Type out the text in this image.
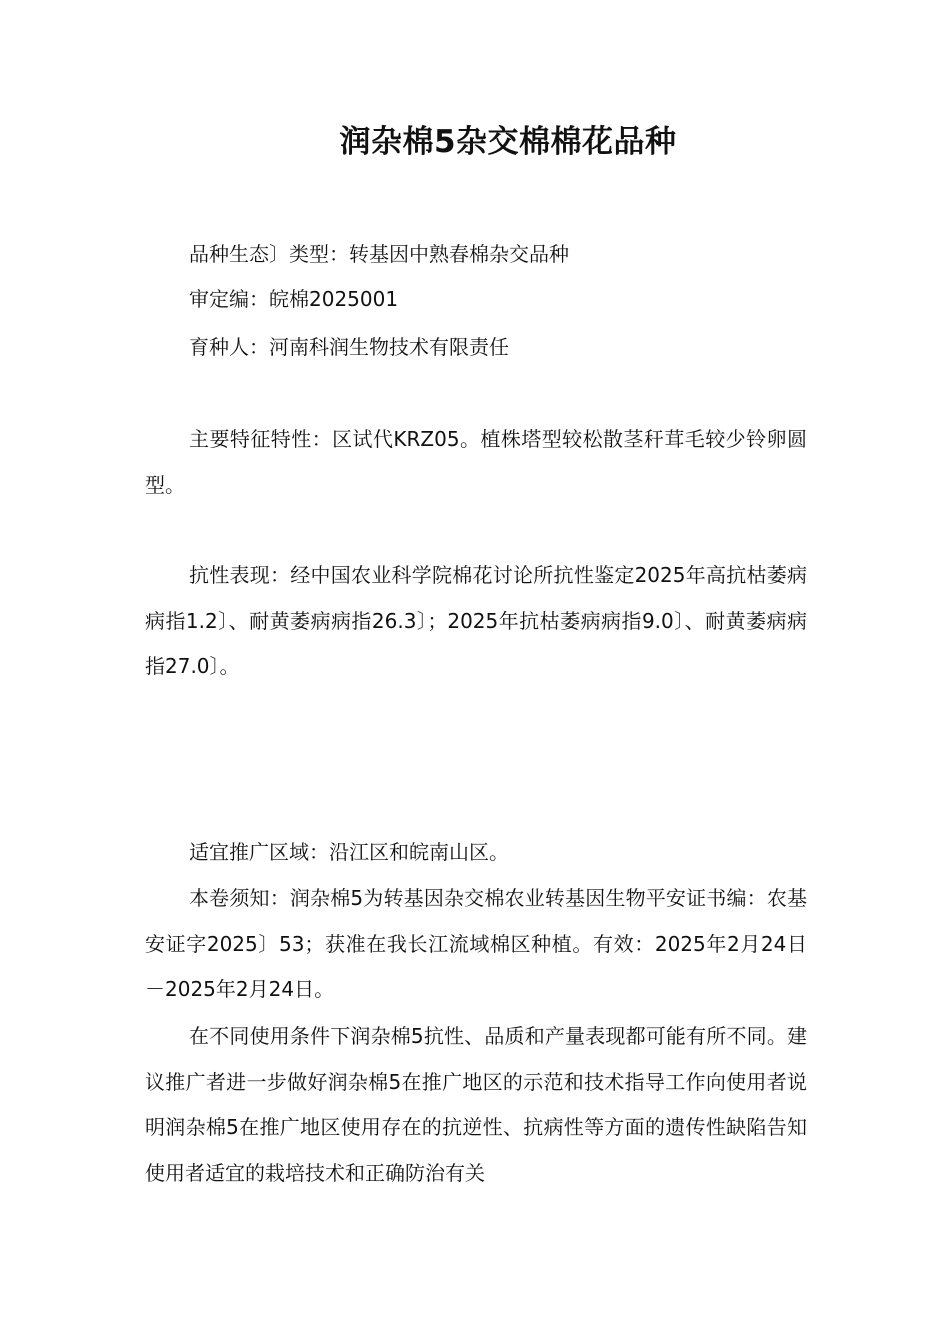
润杂棉5杂交棉棉花品种

品种生态〕类型：转基因中熟春棉杂交品种

审定编：皖棉2025001

育种人：河南科润生物技术有限责任

主要特征特性：区试代KRZ05。植株塔型较松散茎秆茸毛较少铃卵圆型。

抗性表现：经中国农业科学院棉花讨论所抗性鉴定2025年高抗枯萎病病指1.2〕、耐黄萎病病指26.3〕；2025年抗枯萎病病指9.0〕、耐黄萎病病指27.0〕。

适宜推广区域：沿江区和皖南山区。

本卷须知：润杂棉5为转基因杂交棉农业转基因生物平安证书编：农基安证字2025〕53；获准在我长江流域棉区种植。有效：2025年2月24日－2025年2月24日。

在不同使用条件下润杂棉5抗性、品质和产量表现都可能有所不同。建议推广者进一步做好润杂棉5在推广地区的示范和技术指导工作向使用者说明润杂棉5在推广地区使用存在的抗逆性、抗病性等方面的遗传性缺陷告知使用者适宜的栽培技术和正确防治有关
